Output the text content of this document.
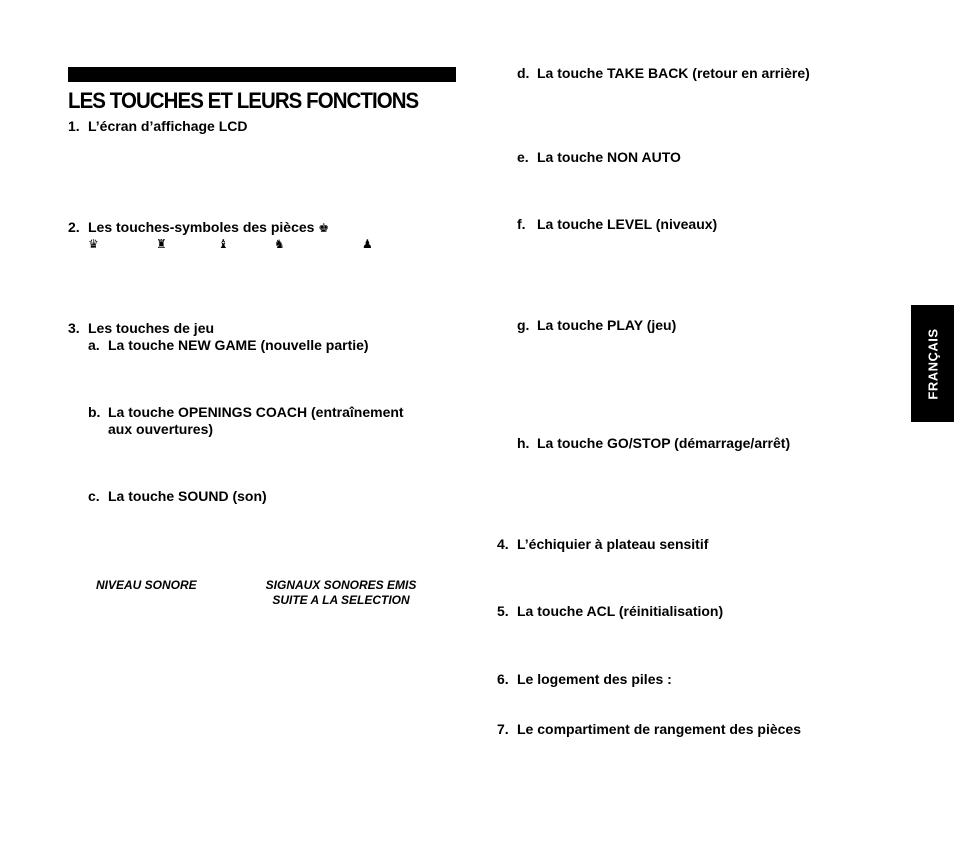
LES TOUCHES ET LEURS FONCTIONS
1. L’écran d’affichage LCD
2. Les touches-symboles des pièces ♚
♛	♜	♝	♞	♟
3. Les touches de jeu
a. La touche NEW GAME (nouvelle partie)
b. La touche OPENINGS COACH (entraînement
aux ouvertures)
c. La touche SOUND (son)
NIVEAU SONORE	SIGNAUX SONORES EMIS
SUITE A LA SELECTION
d. La touche TAKE BACK (retour en arrière)
e. La touche NON AUTO
f. La touche LEVEL (niveaux)
g. La touche PLAY (jeu)
h. La touche GO/STOP (démarrage/arrêt)
4. L’échiquier à plateau sensitif
5. La touche ACL (réinitialisation)
6. Le logement des piles :
7. Le compartiment de rangement des pièces
FRANÇAIS
